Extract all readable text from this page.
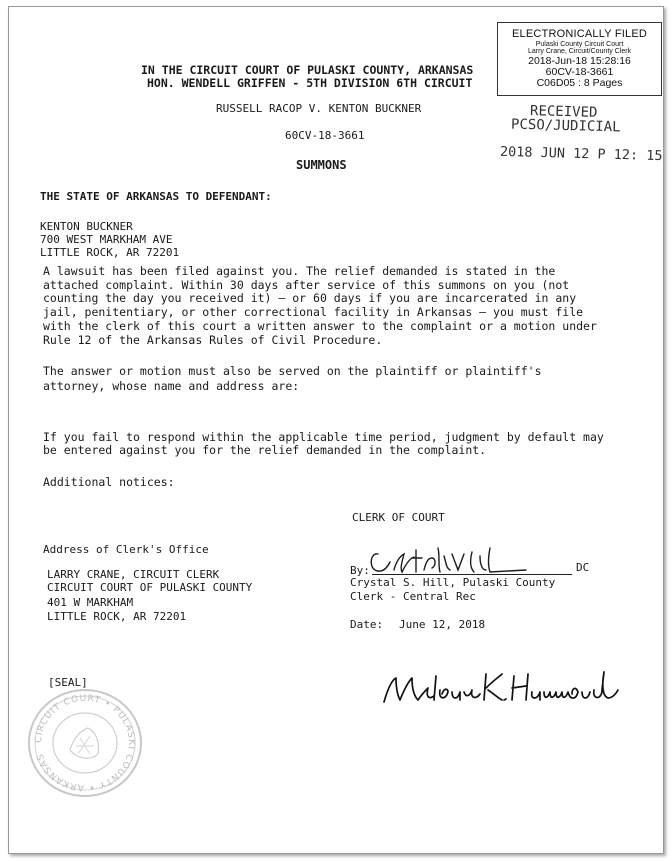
ELECTRONICALLY FILED
Pulaski County Circuit Court
Larry Crane, Circuit/County Clerk
2018-Jun-18 15:28:16
60CV-18-3661
C06D05 : 8 Pages
IN THE CIRCUIT COURT OF PULASKI COUNTY, ARKANSAS
HON. WENDELL GRIFFEN - 5TH DIVISION 6TH CIRCUIT
RUSSELL RACOP V. KENTON BUCKNER
60CV-18-3661
SUMMONS
RECEIVED
PCSO/JUDICIAL
2018 JUN 12 P 12: 15
THE STATE OF ARKANSAS TO DEFENDANT:
KENTON BUCKNER
700 WEST MARKHAM AVE
LITTLE ROCK, AR 72201
A lawsuit has been filed against you. The relief demanded is stated in the
attached complaint. Within 30 days after service of this summons on you (not
counting the day you received it) — or 60 days if you are incarcerated in any
jail, penitentiary, or other correctional facility in Arkansas – you must file
with the clerk of this court a written answer to the complaint or a motion under
Rule 12 of the Arkansas Rules of Civil Procedure.
The answer or motion must also be served on the plaintiff or plaintiff's
attorney, whose name and address are:
If you fail to respond within the applicable time period, judgment by default may
be entered against you for the relief demanded in the complaint.
Additional notices:
CLERK OF COURT
Address of Clerk's Office
LARRY CRANE, CIRCUIT CLERK
CIRCUIT COURT OF PULASKI COUNTY
401 W MARKHAM
LITTLE ROCK, AR 72201
By:	DC
Crystal Hill
Crystal S. Hill, Pulaski County
Clerk - Central Rec
Date: June 12, 2018
[SEAL]
CIRCUIT COURT • PULASKI COUNTY • ARKANSAS
Melanie K. Hammond
